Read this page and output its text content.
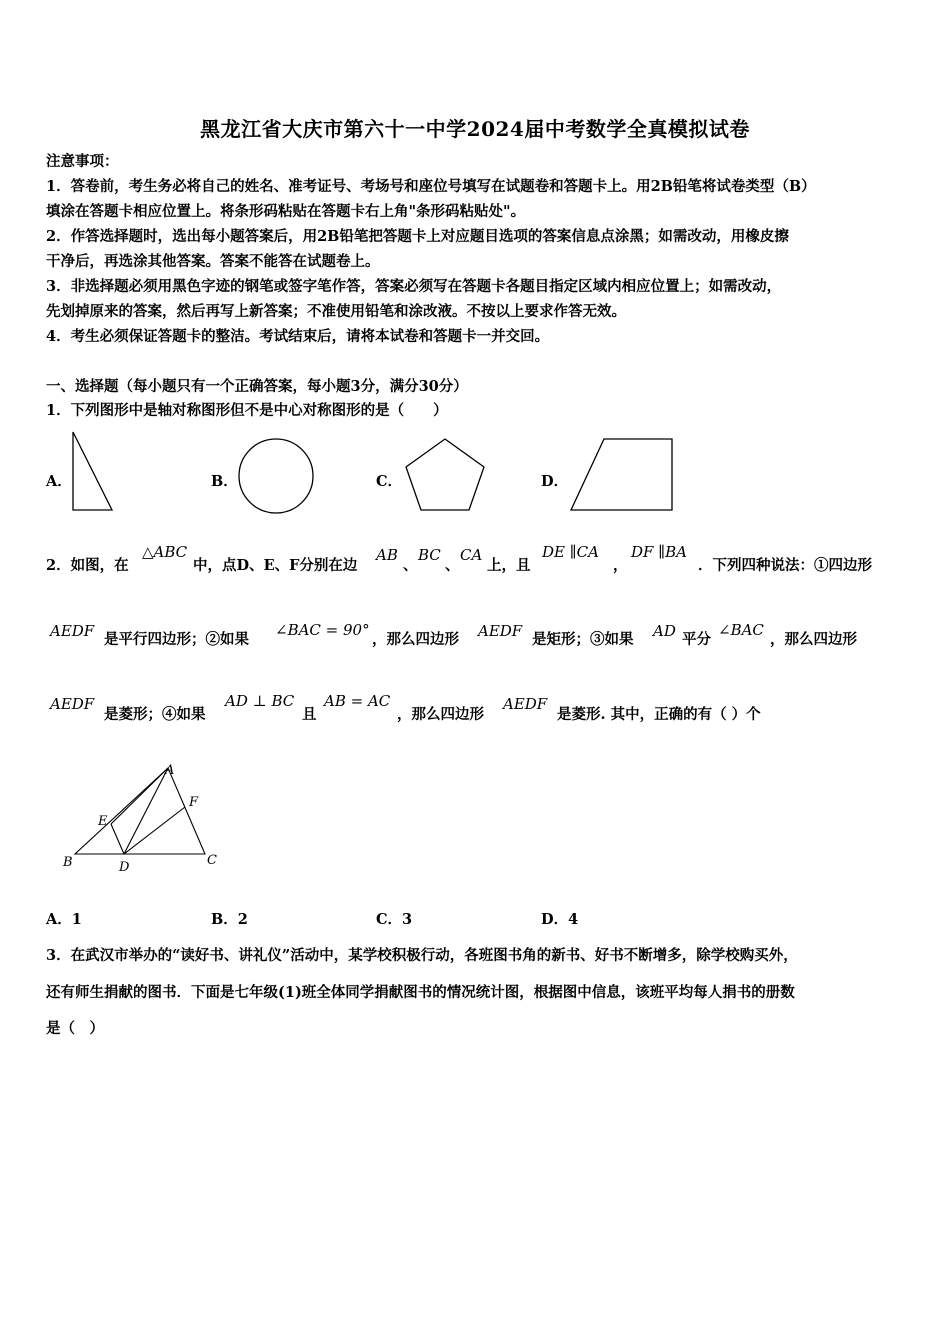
黑龙江省大庆市第六十一中学2024届中考数学全真模拟试卷
注意事项：
1．答卷前，考生务必将自己的姓名、准考证号、考场号和座位号填写在试题卷和答题卡上。用2B铅笔将试卷类型（B）
填涂在答题卡相应位置上。将条形码粘贴在答题卡右上角"条形码粘贴处"。
2．作答选择题时，选出每小题答案后，用2B铅笔把答题卡上对应题目选项的答案信息点涂黑；如需改动，用橡皮擦
干净后，再选涂其他答案。答案不能答在试题卷上。
3．非选择题必须用黑色字迹的钢笔或签字笔作答，答案必须写在答题卡各题目指定区域内相应位置上；如需改动，
先划掉原来的答案，然后再写上新答案；不准使用铅笔和涂改液。不按以上要求作答无效。
4．考生必须保证答题卡的整洁。考试结束后，请将本试卷和答题卡一并交回。
一、选择题（每小题只有一个正确答案，每小题3分，满分30分）
1．下列图形中是轴对称图形但不是中心对称图形的是（　　）
A．	B．	C．	D．
2．如图，在
△ABC
中，点D、E、F分别在边
AB
、
BC
、
CA
上，且
DE ∥CA
，
DF ∥BA
．下列四种说法：①四边形
AEDF 是平行四边形；②如果
∠BAC = 90°
，那么四边形 AEDF 是矩形；③如果 AD 平分
∠BAC
，那么四边形
AEDF
是菱形；④如果
AD ⊥ BC
且
AB = AC
，那么四边形
AEDF
是菱形. 其中，正确的有（ ）个
A
B	C
D
E
F
A．1	B．2	C．3	D．4
3．在武汉市举办的“读好书、讲礼仪”活动中，某学校积极行动，各班图书角的新书、好书不断增多，除学校购买外，
还有师生捐献的图书．下面是七年级(1)班全体同学捐献图书的情况统计图，根据图中信息，该班平均每人捐书的册数
是（　）
